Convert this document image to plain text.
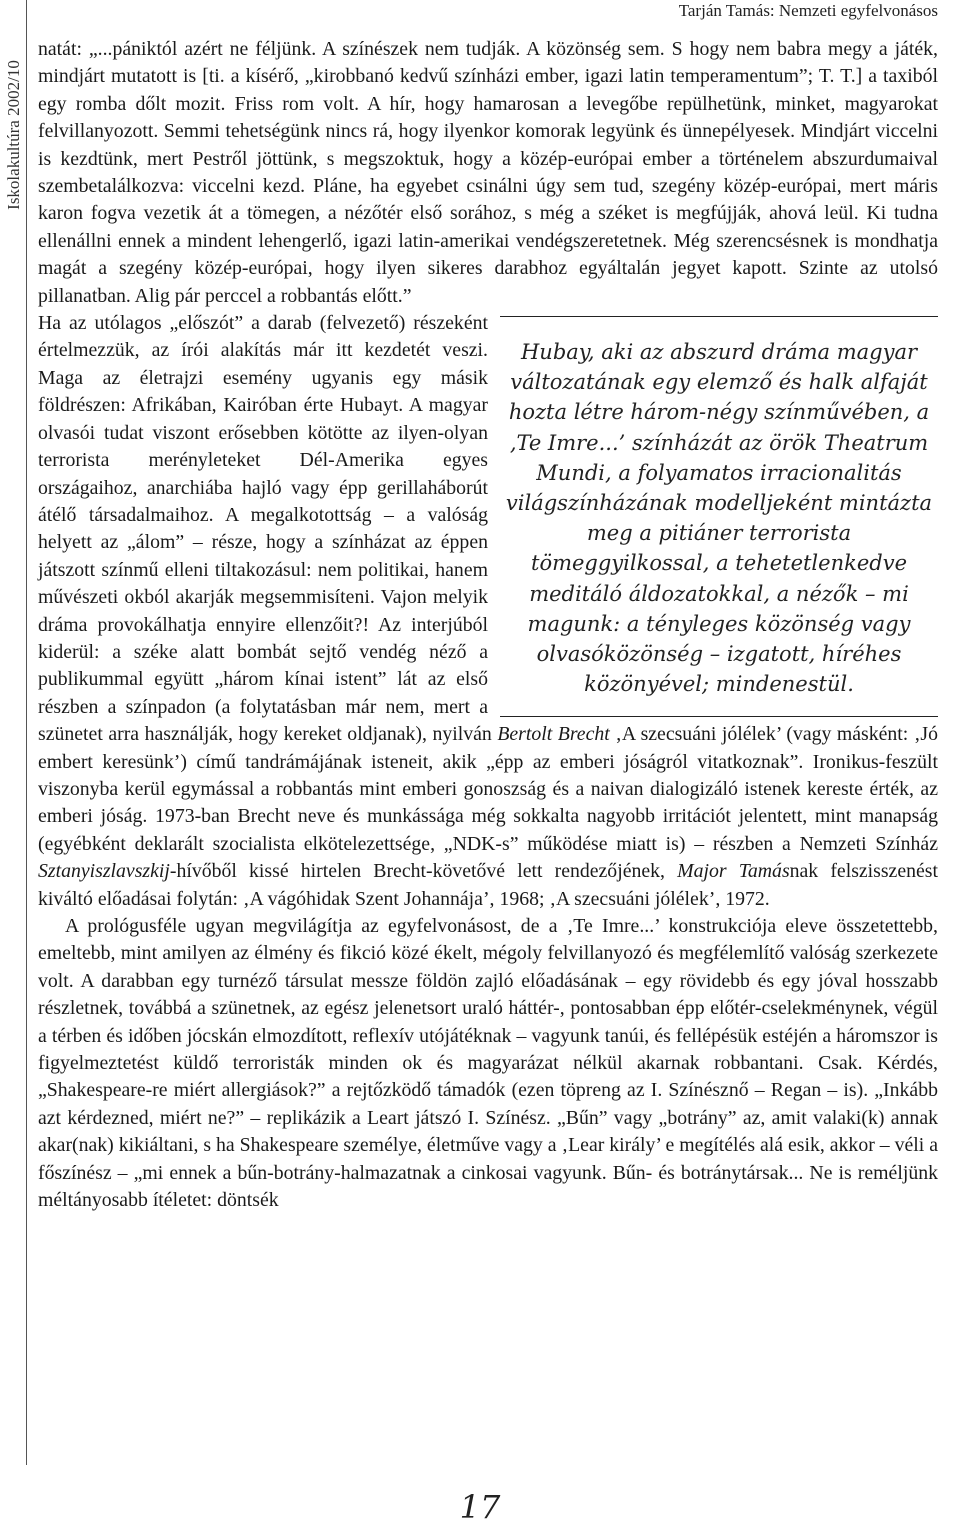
Iskolakultúra 2002/10
Tarján Tamás: Nemzeti egyfelvonásos

natát: „...pániktól azért ne féljünk. A színészek nem tudják. A közönség sem. S hogy nem babra megy a játék, mindjárt mutatott is [ti. a kísérő, „kirobbanó kedvű színházi ember, igazi latin temperamentum”; T. T.] a taxiból egy romba dőlt mozit. Friss rom volt. A hír, hogy hamarosan a levegőbe repülhetünk, minket, magyarokat felvillanyozott. Semmi tehetségünk nincs rá, hogy ilyenkor komorak legyünk és ünnepélyesek. Mindjárt viccelni is kezdtünk, mert Pestről jöttünk, s megszoktuk, hogy a közép-európai ember a történelem abszurdumaival szembetalálkozva: viccelni kezd. Pláne, ha egyebet csinálni úgy sem tud, szegény közép-európai, mert máris karon fogva vezetik át a tömegen, a nézőtér első sorához, s még a széket is megfújják, ahová leül. Ki tudna ellenállni ennek a mindent lehengerlő, igazi latin-amerikai vendégszeretetnek. Még szerencsésnek is mondhatja magát a szegény közép-európai, hogy ilyen sikeres darabhoz egyáltalán jegyet kapott. Szinte az utolsó pillanatban. Alig pár perccel a robbantás előtt.”

Hubay, aki az abszurd dráma magyar változatának egy elemző és halk alfaját hozta létre három-négy színművében, a ‚Te Imre...’ színházát az örök Theatrum Mundi, a folyamatos irracionalitás világszínházának modelljeként mintázta meg a pitiáner terrorista tömeggyilkossal, a tehetetlenkedve meditáló áldozatokkal, a nézők – mi magunk: a tényleges közönség vagy olvasóközönség – izgatott, híréhes közönyével; mindenestül.
Ha az utólagos „előszót” a darab (felvezető) részeként értelmezzük, az írói alakítás már itt kezdetét veszi. Maga az életrajzi esemény ugyanis egy másik földrészen: Afrikában, Kairóban érte Hubayt. A magyar olvasói tudat viszont erősebben kötötte az ilyen-olyan terrorista merényleteket Dél-Amerika egyes országaihoz, anarchiába hajló vagy épp gerillaháborút átélő társadalmaihoz. A megalkotottság – a valóság helyett az „álom” – része, hogy a színházat az éppen játszott színmű elleni tiltakozásul: nem politikai, hanem művészeti okból akarják megsemmisíteni. Vajon melyik dráma provokálhatja ennyire ellenzőit?! Az interjúból kiderül: a széke alatt bombát sejtő vendég néző a publikummal együtt „három kínai istent” lát az első részben a színpadon (a folytatásban már nem, mert a szünetet arra használják, hogy kereket oldjanak), nyilván Bertolt Brecht ‚A szecsuáni jólélek’ (vagy másként: ‚Jó embert keresünk’) című tandrámájának isteneit, akik „épp az emberi jóságról vitatkoznak”. Ironikus-feszült viszonyba kerül egymással a robbantás mint emberi gonoszság és a naivan dialogizáló istenek kereste érték, az emberi jóság. 1973-ban Brecht neve és munkássága még sokkalta nagyobb irritációt jelentett, mint manapság (egyébként deklarált szocialista elkötelezettsége, „NDK-s” működése miatt is) – részben a Nemzeti Színház Sztanyiszlavszkij-hívőből kissé hirtelen Brecht-követővé lett rendezőjének, Major Tamásnak felszisszenést kiváltó előadásai folytán: ‚A vágóhidak Szent Johannája’, 1968; ‚A szecsuáni jólélek’, 1972.

A prológusféle ugyan megvilágítja az egyfelvonásost, de a ‚Te Imre...’ konstrukciója eleve összetettebb, emeltebb, mint amilyen az élmény és fikció közé ékelt, mégoly felvillanyozó és megfélemlítő valóság szerkezete volt. A darabban egy turnéző társulat messze földön zajló előadásának – egy rövidebb és egy jóval hosszabb részletnek, továbbá a szünetnek, az egész jelenetsort uraló háttér-, pontosabban épp előtér-cselekménynek, végül a térben és időben jócskán elmozdított, reflexív utójátéknak – vagyunk tanúi, és fellépésük estéjén a háromszor is figyelmeztetést küldő terroristák minden ok és magyarázat nélkül akarnak robbantani. Csak. Kérdés, „Shakespeare-re miért allergiások?” a rejtőzködő támadók (ezen töpreng az I. Színésznő – Regan – is). „Inkább azt kérdezned, miért ne?” – replikázik a Leart játszó I. Színész. „Bűn” vagy „botrány” az, amit valaki(k) annak akar(nak) kikiáltani, s ha Shakespeare személye, életműve vagy a ‚Lear király’ e megítélés alá esik, akkor – véli a főszínész – „mi ennek a bűn-botrány-halmazatnak a cinkosai vagyunk. Bűn- és botránytársak... Ne is reméljünk méltányosabb ítéletet: döntsék

17
